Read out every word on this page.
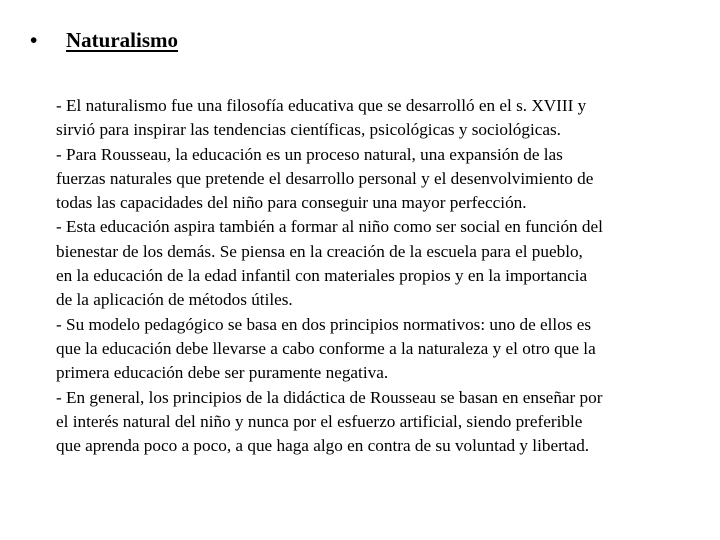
• Naturalismo
- El naturalismo fue una filosofía educativa que se desarrolló en el s. XVIII y
sirvió para inspirar las tendencias científicas, psicológicas y sociológicas.
- Para Rousseau, la educación es un proceso natural, una expansión de las
fuerzas naturales que pretende el desarrollo personal y el desenvolvimiento de
todas las capacidades del niño para conseguir una mayor perfección.
- Esta educación aspira también a formar al niño como ser social en función del
bienestar de los demás. Se piensa en la creación de la escuela para el pueblo,
en la educación de la edad infantil con materiales propios y en la importancia
de la aplicación de métodos útiles.
- Su modelo pedagógico se basa en dos principios normativos: uno de ellos es
que la educación debe llevarse a cabo conforme a la naturaleza y el otro que la
primera educación debe ser puramente negativa.
- En general, los principios de la didáctica de Rousseau se basan en enseñar por
el interés natural del niño y nunca por el esfuerzo artificial, siendo preferible
que aprenda poco a poco, a que haga algo en contra de su voluntad y libertad.
